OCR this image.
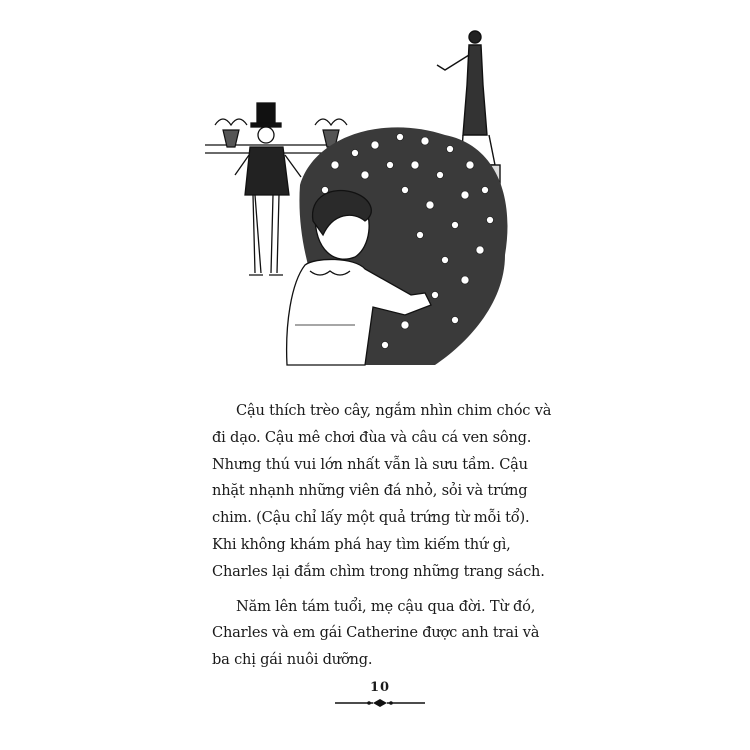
Cậu thích trèo cây, ngắm nhìn chim chóc và đi dạo. Cậu mê chơi đùa và câu cá ven sông. Nhưng thú vui lớn nhất vẫn là sưu tầm. Cậu nhặt nhạnh những viên đá nhỏ, sỏi và trứng chim. (Cậu chỉ lấy một quả trứng từ mỗi tổ). Khi không khám phá hay tìm kiếm thứ gì, Charles lại đắm chìm trong những trang sách.

Năm lên tám tuổi, mẹ cậu qua đời. Từ đó, Charles và em gái Catherine được anh trai và ba chị gái nuôi dưỡng.

10
